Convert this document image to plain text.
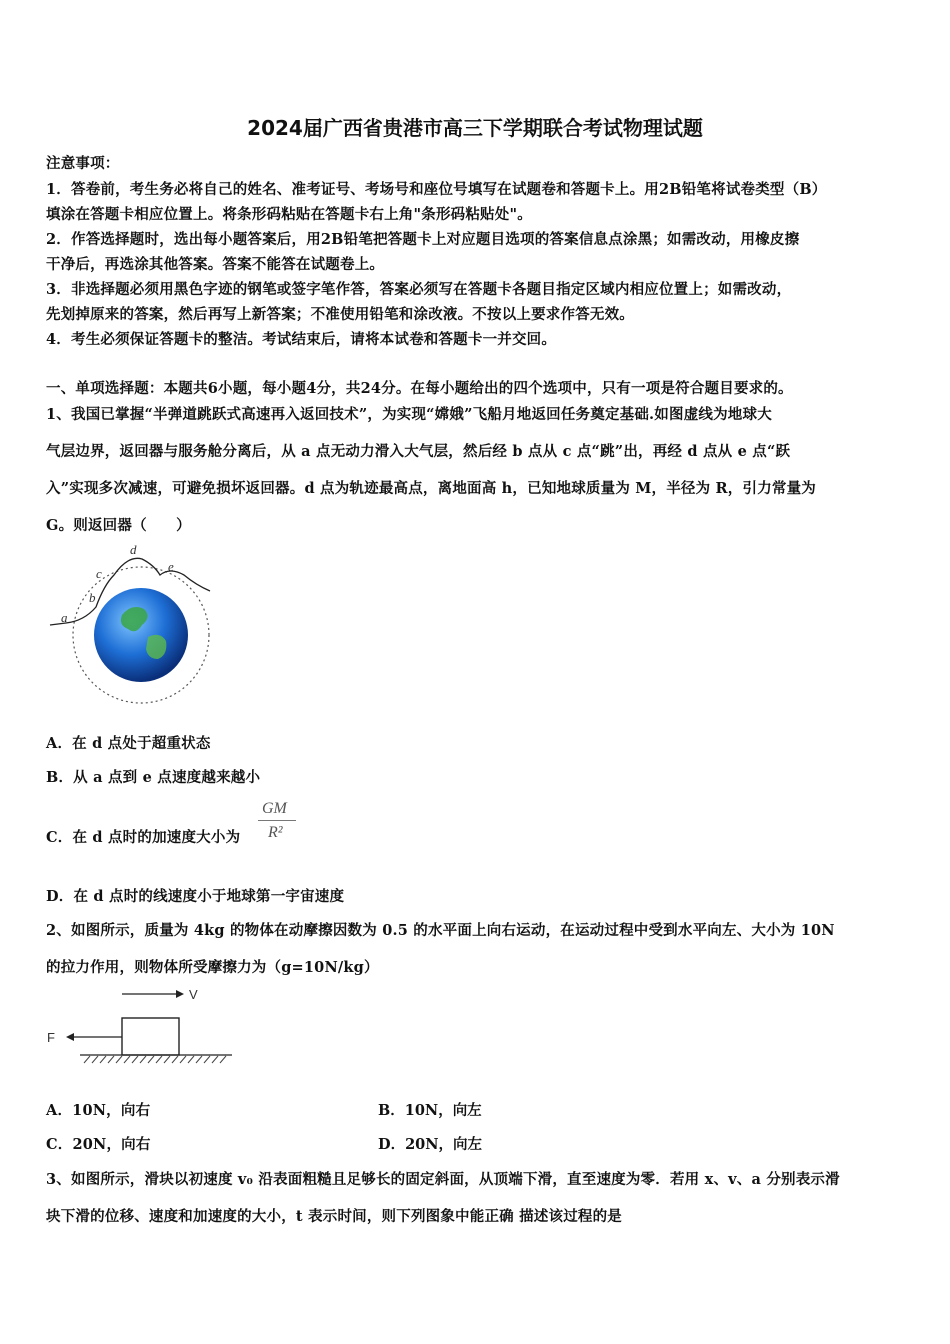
2024届广西省贵港市高三下学期联合考试物理试题
注意事项：
1．答卷前，考生务必将自己的姓名、准考证号、考场号和座位号填写在试题卷和答题卡上。用2B铅笔将试卷类型（B）
填涂在答题卡相应位置上。将条形码粘贴在答题卡右上角"条形码粘贴处"。
2．作答选择题时，选出每小题答案后，用2B铅笔把答题卡上对应题目选项的答案信息点涂黑；如需改动，用橡皮擦
干净后，再选涂其他答案。答案不能答在试题卷上。
3．非选择题必须用黑色字迹的钢笔或签字笔作答，答案必须写在答题卡各题目指定区域内相应位置上；如需改动，
先划掉原来的答案，然后再写上新答案；不准使用铅笔和涂改液。不按以上要求作答无效。
4．考生必须保证答题卡的整洁。考试结束后，请将本试卷和答题卡一并交回。
一、单项选择题：本题共6小题，每小题4分，共24分。在每小题给出的四个选项中，只有一项是符合题目要求的。
1、我国已掌握“半弹道跳跃式高速再入返回技术”，为实现“嫦娥”飞船月地返回任务奠定基础.如图虚线为地球大
气层边界，返回器与服务舱分离后，从 a 点无动力滑入大气层，然后经 b 点从 c 点“跳”出，再经 d 点从 e 点“跃
入”实现多次减速，可避免损坏返回器。d 点为轨迹最高点，离地面高 h，已知地球质量为 M，半径为 R，引力常量为
G。则返回器（　　）
a
b
c
d
e
A．在 d 点处于超重状态
B．从 a 点到 e 点速度越来越小
C．在 d 点时的加速度大小为
GM
R²
D．在 d 点时的线速度小于地球第一宇宙速度
2、如图所示，质量为 4kg 的物体在动摩擦因数为 0.5 的水平面上向右运动，在运动过程中受到水平向左、大小为 10N
的拉力作用，则物体所受摩擦力为（g=10N/kg）
V
F
A．10N，向右	B．10N，向左
C．20N，向右	D．20N，向左
3、如图所示，滑块以初速度 v₀ 沿表面粗糙且足够长的固定斜面，从顶端下滑，直至速度为零．若用 x、v、a 分别表示滑
块下滑的位移、速度和加速度的大小，t 表示时间，则下列图象中能正确 描述该过程的是
